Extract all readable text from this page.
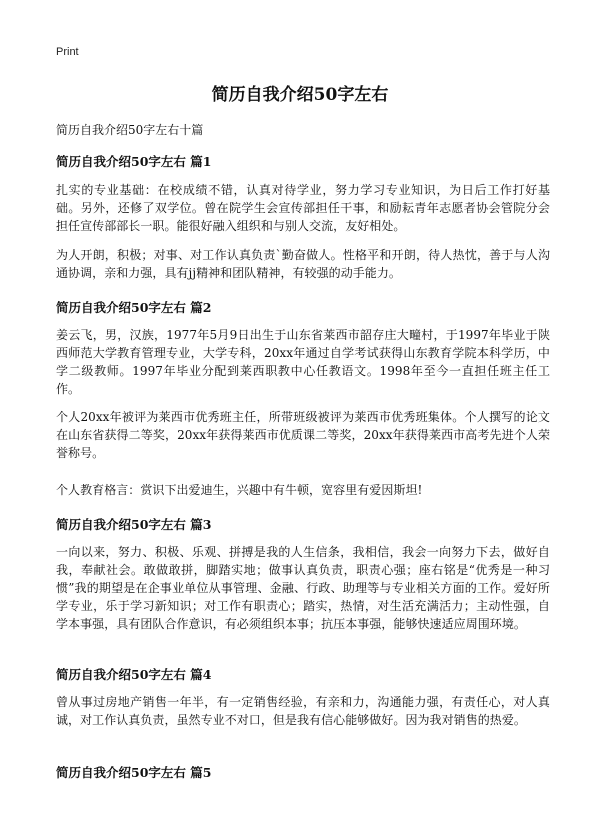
Print
简历自我介绍50字左右
简历自我介绍50字左右十篇
简历自我介绍50字左右 篇1
扎实的专业基础：在校成绩不错，认真对待学业，努力学习专业知识，为日后工作打好基础。另外，还修了双学位。曾在院学生会宣传部担任干事，和励耘青年志愿者协会管院分会担任宣传部部长一职。能很好融入组织和与别人交流，友好相处。
为人开朗，积极；对事、对工作认真负责`勤奋做人。性格平和开朗，待人热忱，善于与人沟通协调，亲和力强，具有jj精神和团队精神，有较强的动手能力。
简历自我介绍50字左右 篇2
姜云飞，男，汉族，1977年5月9日出生于山东省莱西市韶存庄大疃村，于1997年毕业于陕西师范大学教育管理专业，大学专科，20xx年通过自学考试获得山东教育学院本科学历，中学二级教师。1997年毕业分配到莱西职教中心任教语文。1998年至今一直担任班主任工作。
个人20xx年被评为莱西市优秀班主任，所带班级被评为莱西市优秀班集体。个人撰写的论文在山东省获得二等奖，20xx年获得莱西市优质课二等奖，20xx年获得莱西市高考先进个人荣誉称号。
个人教育格言：赏识下出爱迪生，兴趣中有牛顿，宽容里有爱因斯坦!
简历自我介绍50字左右 篇3
一向以来，努力、积极、乐观、拼搏是我的人生信条，我相信，我会一向努力下去，做好自我，奉献社会。敢做敢拼，脚踏实地；做事认真负责，职责心强；座右铭是“优秀是一种习惯”我的期望是在企事业单位从事管理、金融、行政、助理等与专业相关方面的工作。爱好所学专业，乐于学习新知识；对工作有职责心；踏实，热情，对生活充满活力；主动性强，自学本事强，具有团队合作意识，有必须组织本事；抗压本事强，能够快速适应周围环境。
简历自我介绍50字左右 篇4
曾从事过房地产销售一年半，有一定销售经验，有亲和力，沟通能力强，有责任心，对人真诚，对工作认真负责，虽然专业不对口，但是我有信心能够做好。因为我对销售的热爱。
简历自我介绍50字左右 篇5
